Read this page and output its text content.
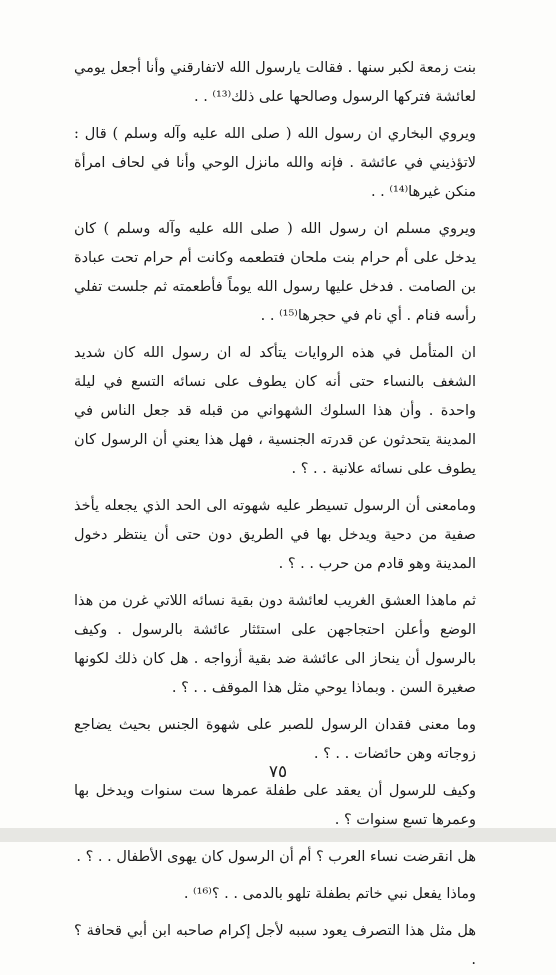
بنت زمعة لكبر سنها . فقالت يارسول الله لاتفارقني وأنا أجعل يومي لعائشة فتركها الرسول وصالحها على ذلك⁽¹³⁾ . .

ويروي البخاري ان رسول الله ( صلى الله عليه وآله وسلم ) قال : لاتؤذيني في عائشة . فإنه والله مانزل الوحي وأنا في لحاف امرأة منكن غيرها⁽¹⁴⁾ . .

ويروي مسلم ان رسول الله ( صلى الله عليه وآله وسلم ) كان يدخل على أم حرام بنت ملحان فتطعمه وكانت أم حرام تحت عبادة بن الصامت . فدخل عليها رسول الله يوماً فأطعمته ثم جلست تفلي رأسه فنام . أي نام في حجرها⁽¹⁵⁾ . .

ان المتأمل في هذه الروايات يتأكد له ان رسول الله كان شديد الشغف بالنساء حتى أنه كان يطوف على نسائه التسع في ليلة واحدة . وأن هذا السلوك الشهواني من قبله قد جعل الناس في المدينة يتحدثون عن قدرته الجنسية ، فهل هذا يعني أن الرسول كان يطوف على نسائه علانية . . ؟ .

ومامعنى أن الرسول تسيطر عليه شهوته الى الحد الذي يجعله يأخذ صفية من دحية ويدخل بها في الطريق دون حتى أن ينتظر دخول المدينة وهو قادم من حرب . . ؟ .

ثم ماهذا العشق الغريب لعائشة دون بقية نسائه اللاتي غرن من هذا الوضع وأعلن احتجاجهن على استئثار عائشة بالرسول . وكيف بالرسول أن ينحاز الى عائشة ضد بقية أزواجه . هل كان ذلك لكونها صغيرة السن . وبماذا يوحي مثل هذا الموقف . . ؟ .

وما معنى فقدان الرسول للصبر على شهوة الجنس بحيث يضاجع زوجاته وهن حائضات . . ؟ .

وكيف للرسول أن يعقد على طفلة عمرها ست سنوات ويدخل بها وعمرها تسع سنوات ؟ .

هل انقرضت نساء العرب ؟ أم أن الرسول كان يهوى الأطفال . . ؟ .

وماذا يفعل نبي خاتم بطفلة تلهو بالدمى . . ؟⁽¹⁶⁾ .

هل مثل هذا التصرف يعود سببه لأجل إكرام صاحبه ابن أبي قحافة ؟ .

٧٥
